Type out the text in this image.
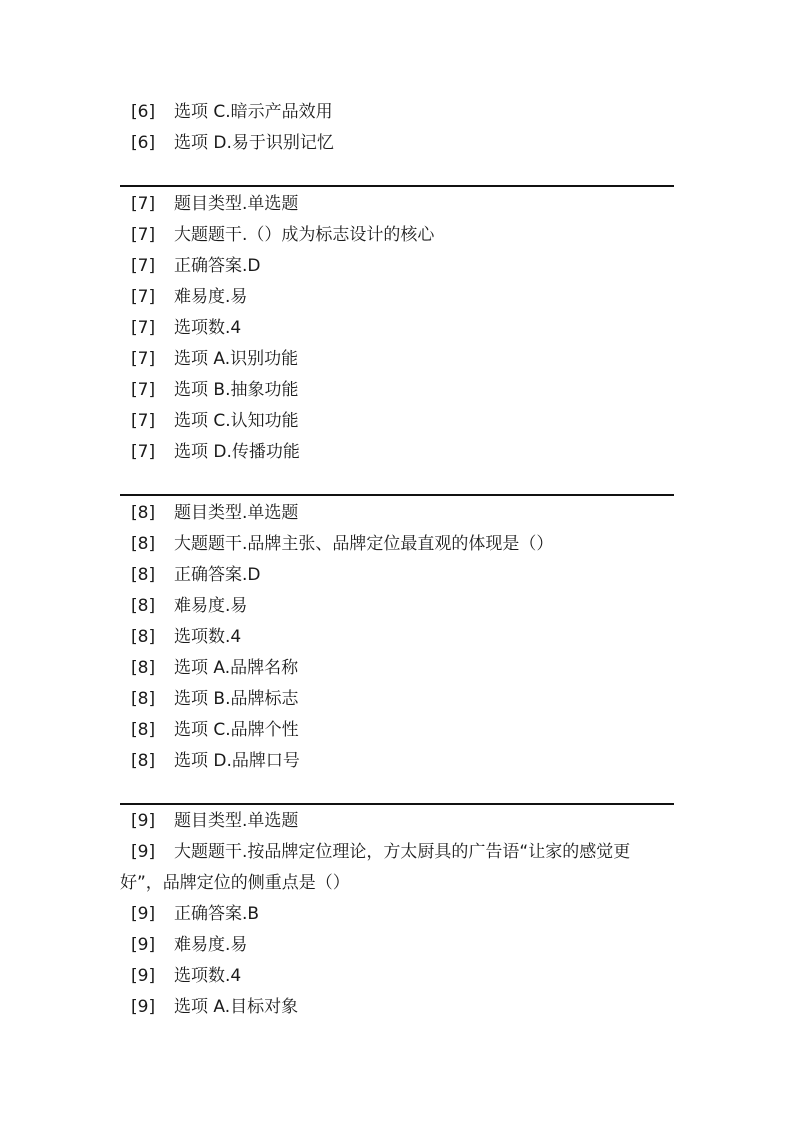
[6] 选项 C.暗示产品效用
[6] 选项 D.易于识别记忆
[7] 题目类型.单选题
[7] 大题题干.（）成为标志设计的核心
[7] 正确答案.D
[7] 难易度.易
[7] 选项数.4
[7] 选项 A.识别功能
[7] 选项 B.抽象功能
[7] 选项 C.认知功能
[7] 选项 D.传播功能
[8] 题目类型.单选题
[8] 大题题干.品牌主张、品牌定位最直观的体现是（）
[8] 正确答案.D
[8] 难易度.易
[8] 选项数.4
[8] 选项 A.品牌名称
[8] 选项 B.品牌标志
[8] 选项 C.品牌个性
[8] 选项 D.品牌口号
[9] 题目类型.单选题
[9]	大题题干.按品牌定位理论，方太厨具的广告语“让家的感觉更好”，品牌定位的侧重点是（）
[9] 正确答案.B
[9] 难易度.易
[9] 选项数.4
[9] 选项 A.目标对象
